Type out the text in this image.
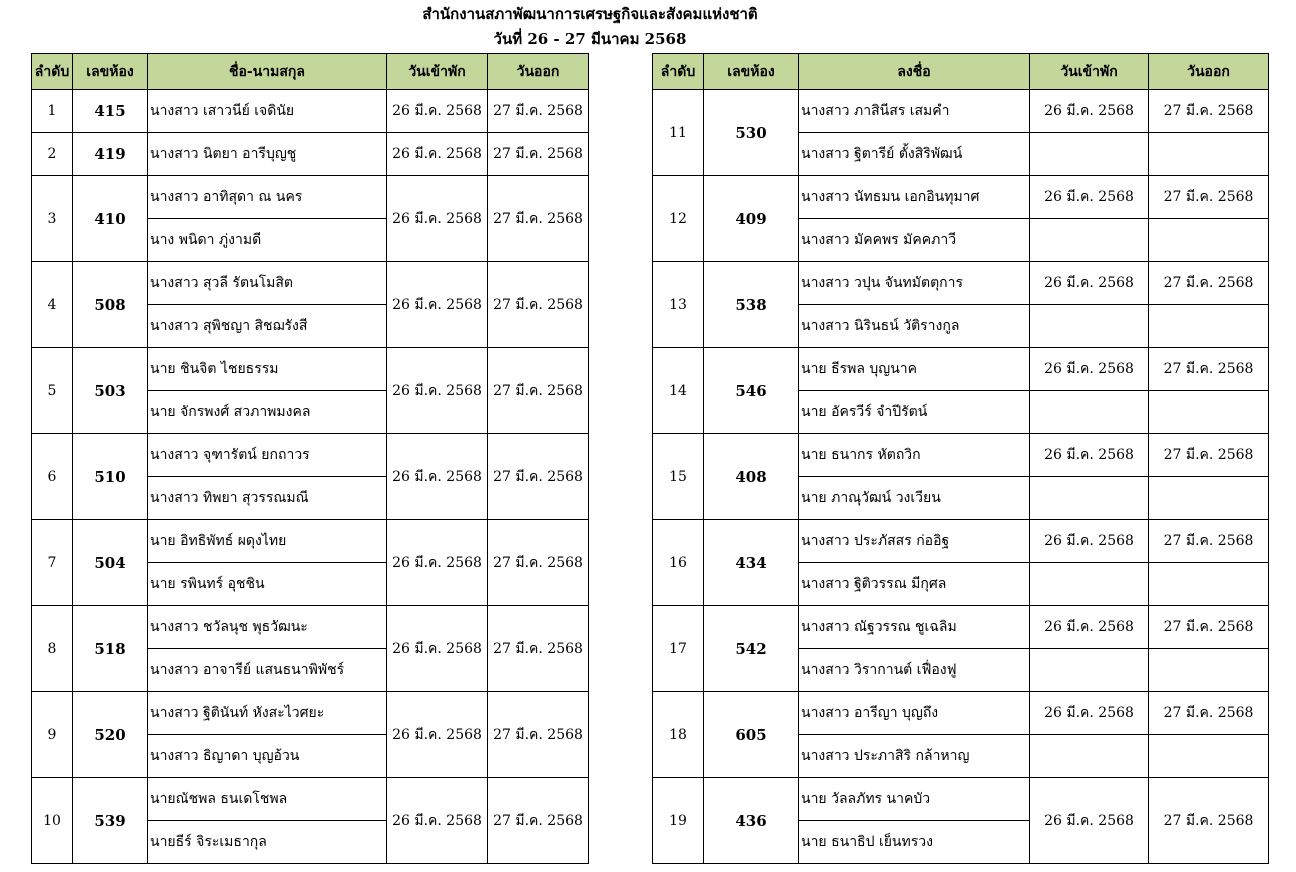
สำนักงานสภาพัฒนาการเศรษฐกิจและสังคมแห่งชาติ
วันที่ 26 - 27 มีนาคม 2568
ลำดับ	เลขห้อง	ชื่อ-นามสกุล	วันเข้าพัก	วันออก
1	415	นางสาว เสาวนีย์ เจดินัย	26 มี.ค. 2568	27 มี.ค. 2568
2	419	นางสาว นิตยา อารีบุญชู	26 มี.ค. 2568	27 มี.ค. 2568
3	410	นางสาว อาทิสุดา ณ นคร	26 มี.ค. 2568	27 มี.ค. 2568
		นาง พนิดา ภู่งามดี		
4	508	นางสาว สุวลี รัตนโมสิต	26 มี.ค. 2568	27 มี.ค. 2568
		นางสาว สุพิชญา สิชฌรังสี		
5	503	นาย ชินจิต ไชยธรรม	26 มี.ค. 2568	27 มี.ค. 2568
		นาย จักรพงศ์ สวภาพมงคล		
6	510	นางสาว จุฑารัตน์ ยกถาวร	26 มี.ค. 2568	27 มี.ค. 2568
		นางสาว ทิพยา สุวรรณมณี		
7	504	นาย อิทธิพัทธ์ ผดุงไทย	26 มี.ค. 2568	27 มี.ค. 2568
		นาย รพินทร์ อุชชิน		
8	518	นางสาว ชวัลนุช พุธวัฒนะ	26 มี.ค. 2568	27 มี.ค. 2568
		นางสาว อาจารีย์ แสนธนาพิพัชร์		
9	520	นางสาว ฐิตินันท์ หังสะไวศยะ	26 มี.ค. 2568	27 มี.ค. 2568
		นางสาว ธิญาดา บุญอ้วน		
10	539	นายณัชพล ธนเดโชพล	26 มี.ค. 2568	27 มี.ค. 2568
		นายธีร์ จิระเมธากุล		
ลำดับ	เลขห้อง	ลงชื่อ	วันเข้าพัก	วันออก
11	530	นางสาว ภาสินีสร เสมคำ	26 มี.ค. 2568	27 มี.ค. 2568
		นางสาว ฐิตารีย์ ตั้งสิริพัฒน์		
12	409	นางสาว นัทธมน เอกอินทุมาศ	26 มี.ค. 2568	27 มี.ค. 2568
		นางสาว มัคคพร มัคคภาวี		
13	538	นางสาว วปุน จันทมัตตุการ	26 มี.ค. 2568	27 มี.ค. 2568
		นางสาว นิรินธน์ วัติรางกูล		
14	546	นาย ธีรพล บุญนาค	26 มี.ค. 2568	27 มี.ค. 2568
		นาย อัครวีร์ จำปีรัตน์		
15	408	นาย ธนากร หัตถวิก	26 มี.ค. 2568	27 มี.ค. 2568
		นาย ภาณุวัฒน์ วงเวียน		
16	434	นางสาว ประภัสสร ก่ออิฐ	26 มี.ค. 2568	27 มี.ค. 2568
		นางสาว ฐิติวรรณ มีกุศล		
17	542	นางสาว ณัฐวรรณ ชูเฉลิม	26 มี.ค. 2568	27 มี.ค. 2568
		นางสาว วิรากานต์ เฟื่องฟู		
18	605	นางสาว อารีญา บุญถึง	26 มี.ค. 2568	27 มี.ค. 2568
		นางสาว ประภาสิริ กล้าหาญ		
19	436	นาย วัลลภัทร นาคบัว	26 มี.ค. 2568	27 มี.ค. 2568
		นาย ธนาธิป เย็นทรวง		
